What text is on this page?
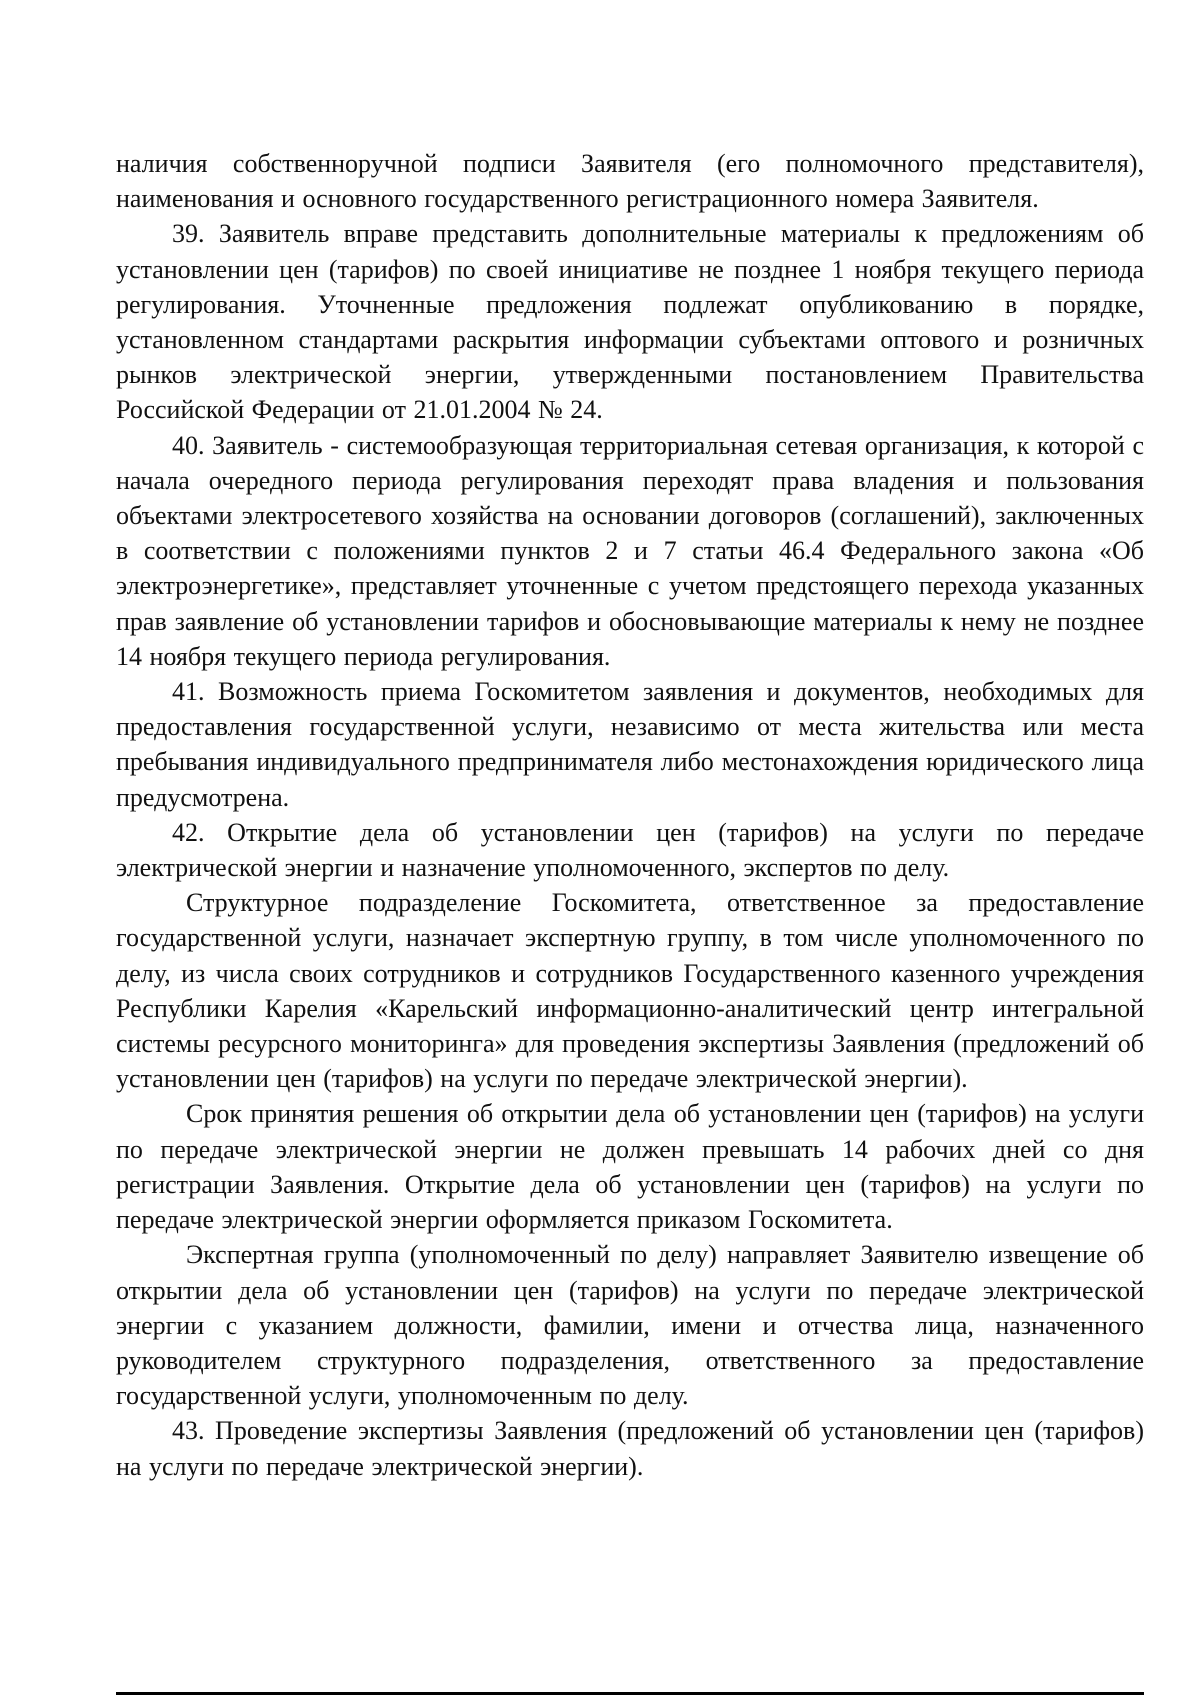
наличия собственноручной подписи Заявителя (его полномочного представителя), наименования и основного государственного регистрационного номера Заявителя.

39. Заявитель вправе представить дополнительные материалы к предложениям об установлении цен (тарифов) по своей инициативе не позднее 1 ноября текущего периода регулирования. Уточненные предложения подлежат опубликованию в порядке, установленном стандартами раскрытия информации субъектами оптового и розничных рынков электрической энергии, утвержденными постановлением Правительства Российской Федерации от 21.01.2004 № 24.

40. Заявитель - системообразующая территориальная сетевая организация, к которой с начала очередного периода регулирования переходят права владения и пользования объектами электросетевого хозяйства на основании договоров (соглашений), заключенных в соответствии с положениями пунктов 2 и 7 статьи 46.4 Федерального закона «Об электроэнергетике», представляет уточненные с учетом предстоящего перехода указанных прав заявление об установлении тарифов и обосновывающие материалы к нему не позднее 14 ноября текущего периода регулирования.

41. Возможность приема Госкомитетом заявления и документов, необходимых для предоставления государственной услуги, независимо от места жительства или места пребывания индивидуального предпринимателя либо местонахождения юридического лица предусмотрена.

42. Открытие дела об установлении цен (тарифов) на услуги по передаче электрической энергии и назначение уполномоченного, экспертов по делу.

Структурное подразделение Госкомитета, ответственное за предоставление государственной услуги, назначает экспертную группу, в том числе уполномоченного по делу, из числа своих сотрудников и сотрудников Государственного казенного учреждения Республики Карелия «Карельский информационно-аналитический центр интегральной системы ресурсного мониторинга» для проведения экспертизы Заявления (предложений об установлении цен (тарифов) на услуги по передаче электрической энергии).

Срок принятия решения об открытии дела об установлении цен (тарифов) на услуги по передаче электрической энергии не должен превышать 14 рабочих дней со дня регистрации Заявления. Открытие дела об установлении цен (тарифов) на услуги по передаче электрической энергии оформляется приказом Госкомитета.

Экспертная группа (уполномоченный по делу) направляет Заявителю извещение об открытии дела об установлении цен (тарифов) на услуги по передаче электрической энергии с указанием должности, фамилии, имени и отчества лица, назначенного руководителем структурного подразделения, ответственного за предоставление государственной услуги, уполномоченным по делу.

43. Проведение экспертизы Заявления (предложений об установлении цен (тарифов) на услуги по передаче электрической энергии).
